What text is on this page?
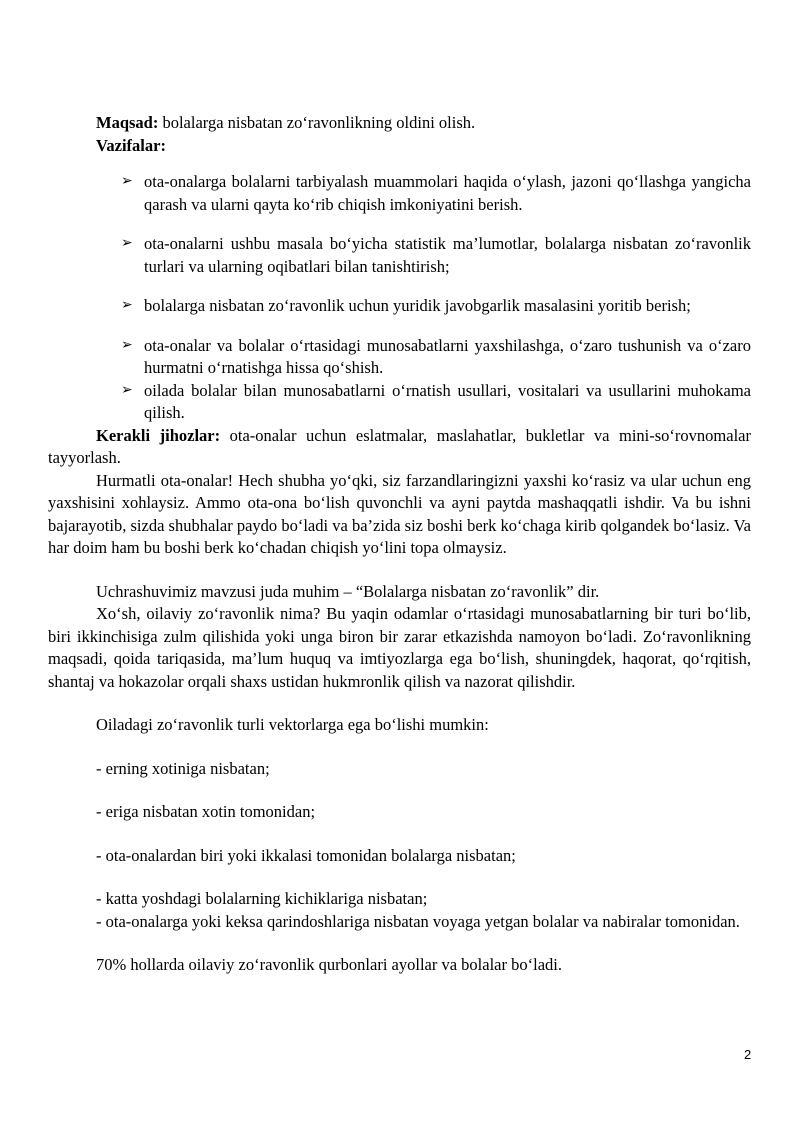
Maqsad: bolalarga nisbatan zo‘ravonlikning oldini olish.

Vazifalar:

➢ ota-onalarga bolalarni tarbiyalash muammolari haqida o‘ylash, jazoni qo‘llashga yangicha qarash va ularni qayta ko‘rib chiqish imkoniyatini berish.
➢ ota-onalarni ushbu masala bo‘yicha statistik ma’lumotlar, bolalarga nisbatan zo‘ravonlik turlari va ularning oqibatlari bilan tanishtirish;
➢ bolalarga nisbatan zo‘ravonlik uchun yuridik javobgarlik masalasini yoritib berish;
➢ ota-onalar va bolalar o‘rtasidagi munosabatlarni yaxshilashga, o‘zaro tushunish va o‘zaro hurmatni o‘rnatishga hissa qo‘shish.
➢ oilada bolalar bilan munosabatlarni o‘rnatish usullari, vositalari va usullarini muhokama qilish.

Kerakli jihozlar: ota-onalar uchun eslatmalar, maslahatlar, bukletlar va mini-so‘rovnomalar tayyorlash.

Hurmatli ota-onalar! Hech shubha yo‘qki, siz farzandlaringizni yaxshi ko‘rasiz va ular uchun eng yaxshisini xohlaysiz. Ammo ota-ona bo‘lish quvonchli va ayni paytda mashaqqatli ishdir. Va bu ishni bajarayotib, sizda shubhalar paydo bo‘ladi va ba’zida siz boshi berk ko‘chaga kirib qolgandek bo‘lasiz. Va har doim ham bu boshi berk ko‘chadan chiqish yo‘lini topa olmaysiz.

Uchrashuvimiz mavzusi juda muhim – “Bolalarga nisbatan zo‘ravonlik” dir.

Xo‘sh, oilaviy zo‘ravonlik nima? Bu yaqin odamlar o‘rtasidagi munosabatlarning bir turi bo‘lib, biri ikkinchisiga zulm qilishida yoki unga biron bir zarar etkazishda namoyon bo‘ladi. Zo‘ravonlikning maqsadi, qoida tariqasida, ma’lum huquq va imtiyozlarga ega bo‘lish, shuningdek, haqorat, qo‘rqitish, shantaj va hokazolar orqali shaxs ustidan hukmronlik qilish va nazorat qilishdir.

Oiladagi zo‘ravonlik turli vektorlarga ega bo‘lishi mumkin:

- erning xotiniga nisbatan;

- eriga nisbatan xotin tomonidan;

- ota-onalardan biri yoki ikkalasi tomonidan bolalarga nisbatan;

- katta yoshdagi bolalarning kichiklariga nisbatan;

- ota-onalarga yoki keksa qarindoshlariga nisbatan voyaga yetgan bolalar va nabiralar tomonidan.

70% hollarda oilaviy zo‘ravonlik qurbonlari ayollar va bolalar bo‘ladi.

2
